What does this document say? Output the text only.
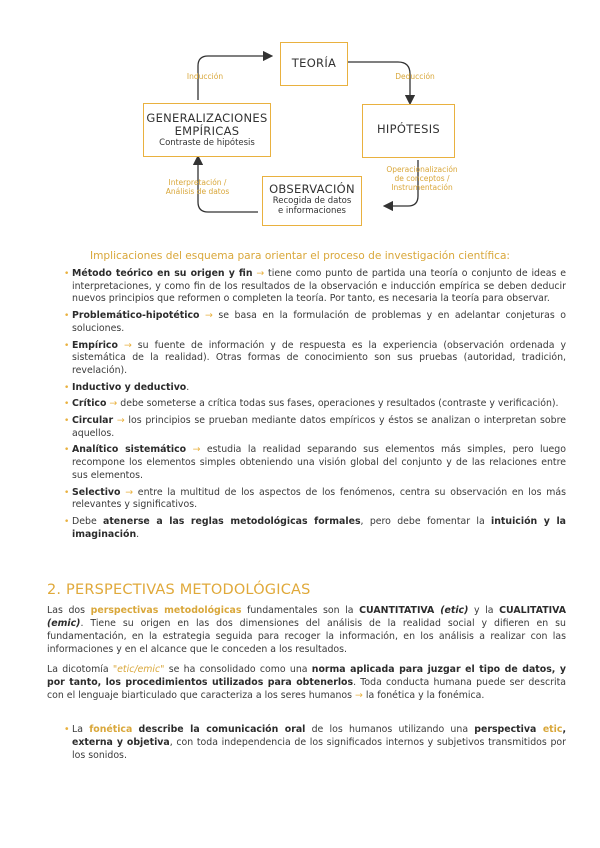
TEORÍA
HIPÓTESIS
OBSERVACIÓN
Recogida de datos
e informaciones
GENERALIZACIONES
EMPÍRICAS
Contraste de hipótesis
Deducción
Operacionalización
de conceptos /
Instrumentación
Interpretación /
Análisis de datos
Inducción
Implicaciones del esquema para orientar el proceso de investigación científica:
• Método teórico en su origen y fin → tiene como punto de partida una teoría o conjunto de ideas e interpretaciones, y como fin de los resultados de la observación e inducción empírica se deben deducir nuevos principios que reformen o completen la teoría. Por tanto, es necesaria la teoría para observar.
• Problemático-hipotético → se basa en la formulación de problemas y en adelantar conjeturas o soluciones.
• Empírico → su fuente de información y de respuesta es la experiencia (observación ordenada y sistemática de la realidad). Otras formas de conocimiento son sus pruebas (autoridad, tradición, revelación).
• Inductivo y deductivo.
• Crítico → debe someterse a crítica todas sus fases, operaciones y resultados (contraste y verificación).
• Circular → los principios se prueban mediante datos empíricos y éstos se analizan o interpretan sobre aquellos.
• Analítico sistemático → estudia la realidad separando sus elementos más simples, pero luego recompone los elementos simples obteniendo una visión global del conjunto y de las relaciones entre sus elementos.
• Selectivo → entre la multitud de los aspectos de los fenómenos, centra su observación en los más relevantes y significativos.
• Debe atenerse a las reglas metodológicas formales, pero debe fomentar la intuición y la imaginación.
2. PERSPECTIVAS METODOLÓGICAS
Las dos perspectivas metodológicas fundamentales son la CUANTITATIVA (etic) y la CUALITATIVA (emic). Tiene su origen en las dos dimensiones del análisis de la realidad social y difieren en su fundamentación, en la estrategia seguida para recoger la información, en los análisis a realizar con las informaciones y en el alcance que le conceden a los resultados.
La dicotomía "etic/emic" se ha consolidado como una norma aplicada para juzgar el tipo de datos, y por tanto, los procedimientos utilizados para obtenerlos. Toda conducta humana puede ser descrita con el lenguaje biarticulado que caracteriza a los seres humanos → la fonética y la fonémica.
• La fonética describe la comunicación oral de los humanos utilizando una perspectiva etic, externa y objetiva, con toda independencia de los significados internos y subjetivos transmitidos por los sonidos.
